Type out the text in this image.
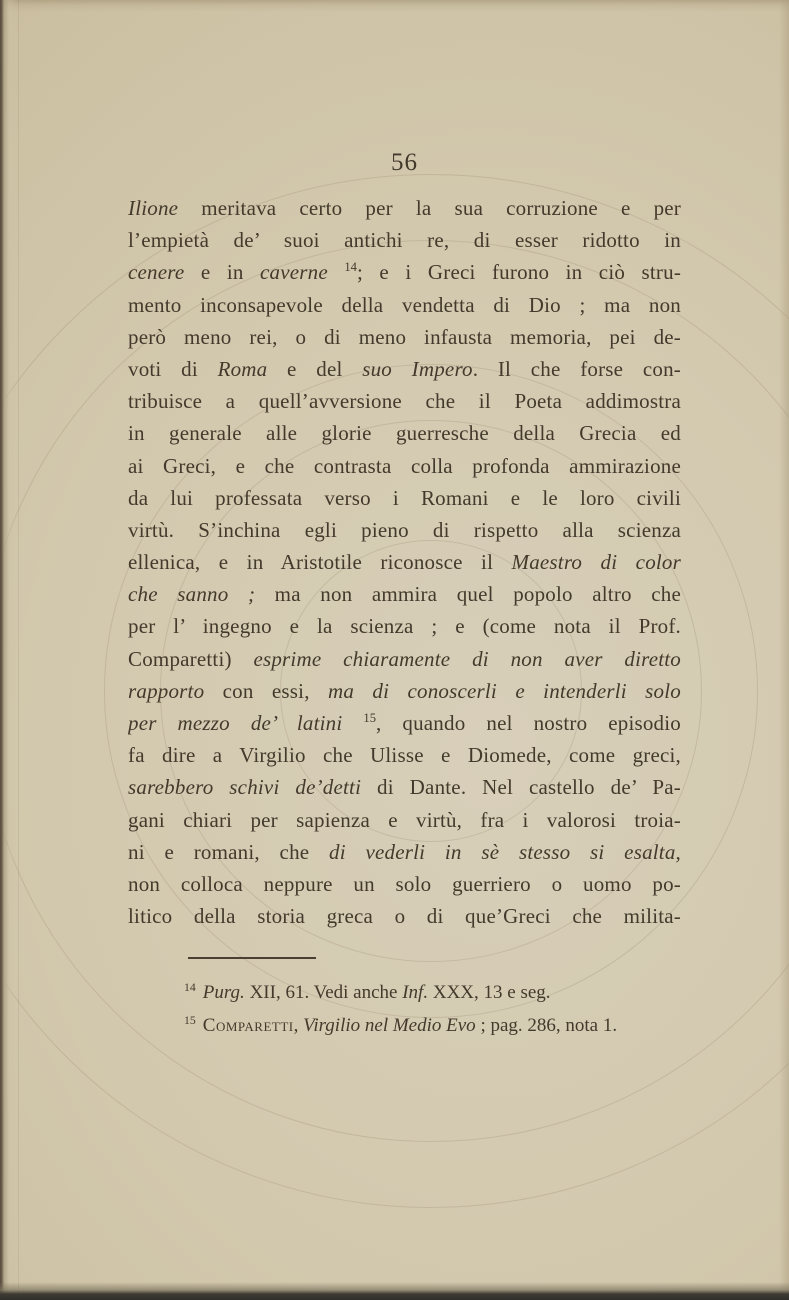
56
Ilione meritava certo per la sua corruzione e per
l’empietà de’ suoi antichi re, di esser ridotto in
cenere e in caverne $^{14}$; e i Greci furono in ciò stru-
mento inconsapevole della vendetta di Dio ; ma non
però meno rei, o di meno infausta memoria, pei de-
voti di Roma e del suo Impero. Il che forse con-
tribuisce a quell’avversione che il Poeta addimostra
in generale alle glorie guerresche della Grecia ed
ai Greci, e che contrasta colla profonda ammirazione
da lui professata verso i Romani e le loro civili
virtù. S’inchina egli pieno di rispetto alla scienza
ellenica, e in Aristotile riconosce il Maestro di color
che sanno ; ma non ammira quel popolo altro che
per l’ ingegno e la scienza ; e (come nota il Prof.
Comparetti) esprime chiaramente di non aver diretto
rapporto con essi, ma di conoscerli e intenderli solo
per mezzo de’ latini $^{15}$, quando nel nostro episodio
fa dire a Virgilio che Ulisse e Diomede, come greci,
sarebbero schivi de’detti di Dante. Nel castello de’ Pa-
gani chiari per sapienza e virtù, fra i valorosi troia-
ni e romani, che di vederli in sè stesso si esalta,
non colloca neppure un solo guerriero o uomo po-
litico della storia greca o di que’Greci che milita-
$^{14}$ Purg. XII, 61. Vedi anche Inf. XXX, 13 e seg.
$^{15}$ Comparetti, Virgilio nel Medio Evo ; pag. 286, nota 1.
